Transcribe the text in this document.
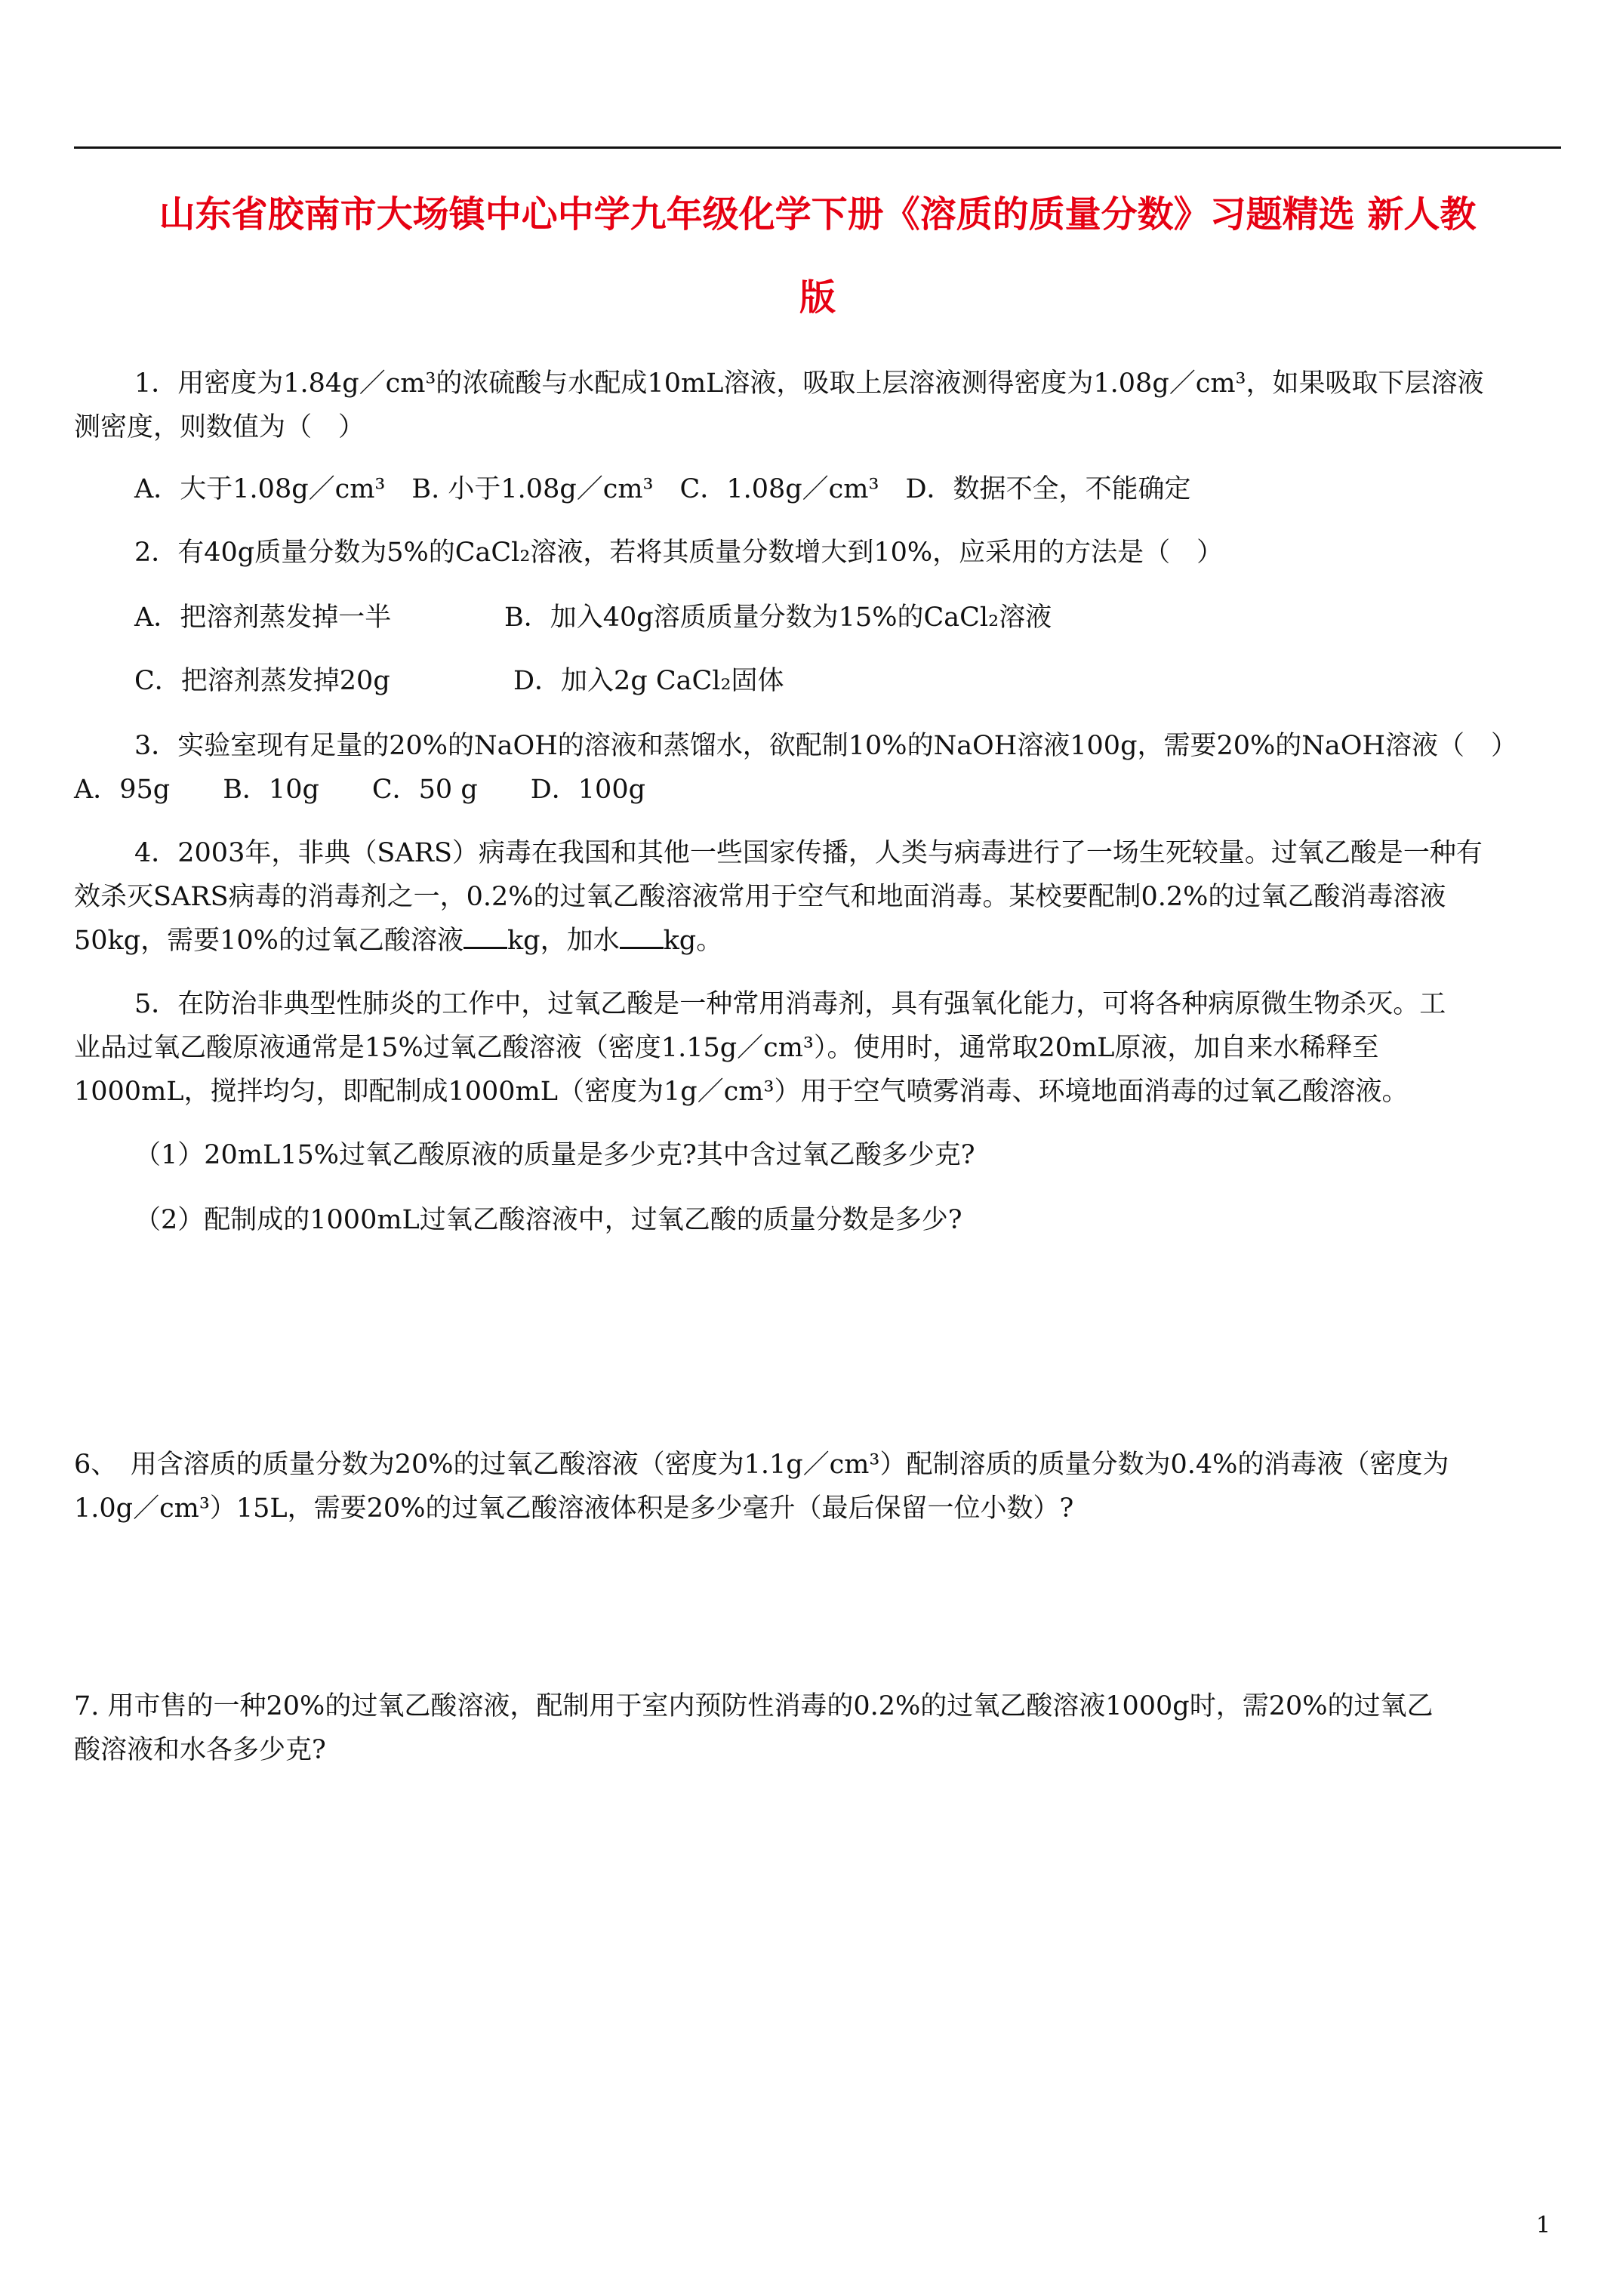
山东省胶南市大场镇中心中学九年级化学下册《溶质的质量分数》习题精选 新人教
版
1．用密度为1.84g／cm³的浓硫酸与水配成10mL溶液，吸取上层溶液测得密度为1.08g／cm³，如果吸取下层溶液
测密度，则数值为（　）
A．大于1.08g／cm³　B. 小于1.08g／cm³　C．1.08g／cm³　D．数据不全，不能确定
2．有40g质量分数为5%的CaCl₂溶液，若将其质量分数增大到10%，应采用的方法是（　）
A．把溶剂蒸发掉一半	B．加入40g溶质质量分数为15%的CaCl₂溶液
C．把溶剂蒸发掉20g	D．加入2g CaCl₂固体
3．实验室现有足量的20%的NaOH的溶液和蒸馏水，欲配制10%的NaOH溶液100g，需要20%的NaOH溶液（　）
A．95g　　B．10g　　C．50 g　　D．100g
4．2003年，非典（SARS）病毒在我国和其他一些国家传播，人类与病毒进行了一场生死较量。过氧乙酸是一种有
效杀灭SARS病毒的消毒剂之一，0.2%的过氧乙酸溶液常用于空气和地面消毒。某校要配制0.2%的过氧乙酸消毒溶液
50kg，需要10%的过氧乙酸溶液 kg，加水 kg。
5．在防治非典型性肺炎的工作中，过氧乙酸是一种常用消毒剂，具有强氧化能力，可将各种病原微生物杀灭。工
业品过氧乙酸原液通常是15%过氧乙酸溶液（密度1.15g／cm³）。使用时，通常取20mL原液，加自来水稀释至
1000mL，搅拌均匀，即配制成1000mL（密度为1g／cm³）用于空气喷雾消毒、环境地面消毒的过氧乙酸溶液。
（1）20mL15%过氧乙酸原液的质量是多少克?其中含过氧乙酸多少克?
（2）配制成的1000mL过氧乙酸溶液中，过氧乙酸的质量分数是多少?
6、　用含溶质的质量分数为20%的过氧乙酸溶液（密度为1.1g／cm³）配制溶质的质量分数为0.4%的消毒液（密度为
1.0g／cm³）15L，需要20%的过氧乙酸溶液体积是多少毫升（最后保留一位小数）?
7. 用市售的一种20%的过氧乙酸溶液，配制用于室内预防性消毒的0.2%的过氧乙酸溶液1000g时，需20%的过氧乙
酸溶液和水各多少克?
1
